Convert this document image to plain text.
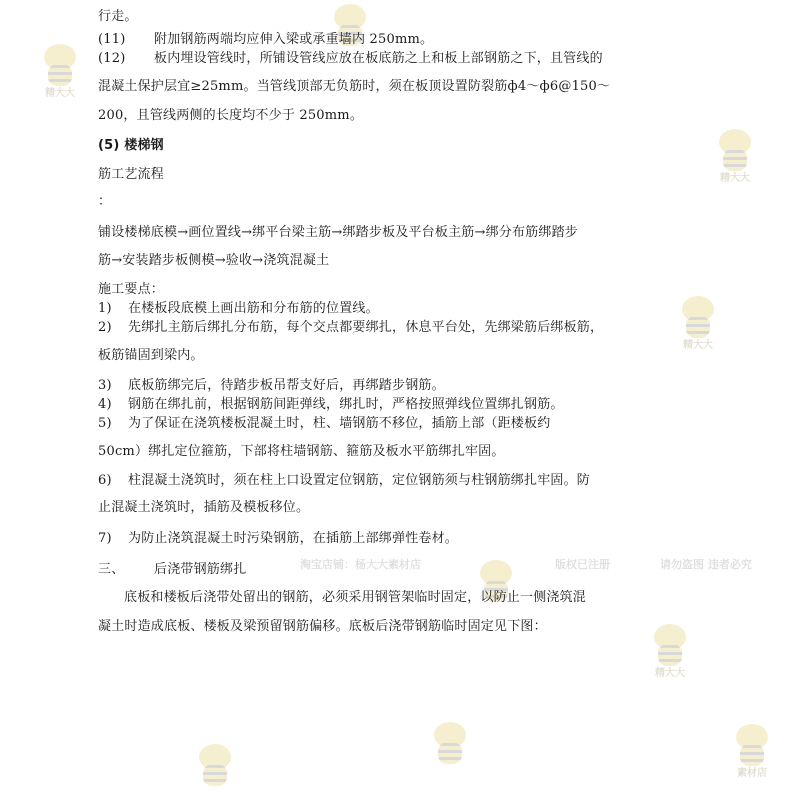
精大大
精大大
精大大
精大大
素材店
淘宝店铺：杨大大素材店	版权已注册	请勿盗图 违者必究
行走。
(11) 附加钢筋两端均应伸入梁或承重墙内 250mm。
(12) 板内埋设管线时，所铺设管线应放在板底筋之上和板上部钢筋之下，且管线的
混凝土保护层宜≥25mm。当管线顶部无负筋时，须在板顶设置防裂筋ф4～ф6@150～
200，且管线两侧的长度均不少于 250mm。
(5) 楼梯钢
筋工艺流程
：
铺设楼梯底模→画位置线→绑平台梁主筋→绑踏步板及平台板主筋→绑分布筋绑踏步
筋→安装踏步板侧模→验收→浇筑混凝土
施工要点：
1) 在楼板段底模上画出筋和分布筋的位置线。
2) 先绑扎主筋后绑扎分布筋，每个交点都要绑扎，休息平台处，先绑梁筋后绑板筋，
板筋锚固到梁内。
3) 底板筋绑完后，待踏步板吊帮支好后，再绑踏步钢筋。
4) 钢筋在绑扎前，根据钢筋间距弹线，绑扎时，严格按照弹线位置绑扎钢筋。
5) 为了保证在浇筑楼板混凝土时，柱、墙钢筋不移位，插筋上部（距楼板约
50cm）绑扎定位箍筋，下部将柱墙钢筋、箍筋及板水平筋绑扎牢固。
6) 柱混凝土浇筑时，须在柱上口设置定位钢筋，定位钢筋须与柱钢筋绑扎牢固。防
止混凝土浇筑时，插筋及模板移位。
7) 为防止浇筑混凝土时污染钢筋，在插筋上部绑弹性卷材。
三、 后浇带钢筋绑扎
底板和楼板后浇带处留出的钢筋，必须采用钢管架临时固定，以防止一侧浇筑混
凝土时造成底板、楼板及梁预留钢筋偏移。底板后浇带钢筋临时固定见下图：
